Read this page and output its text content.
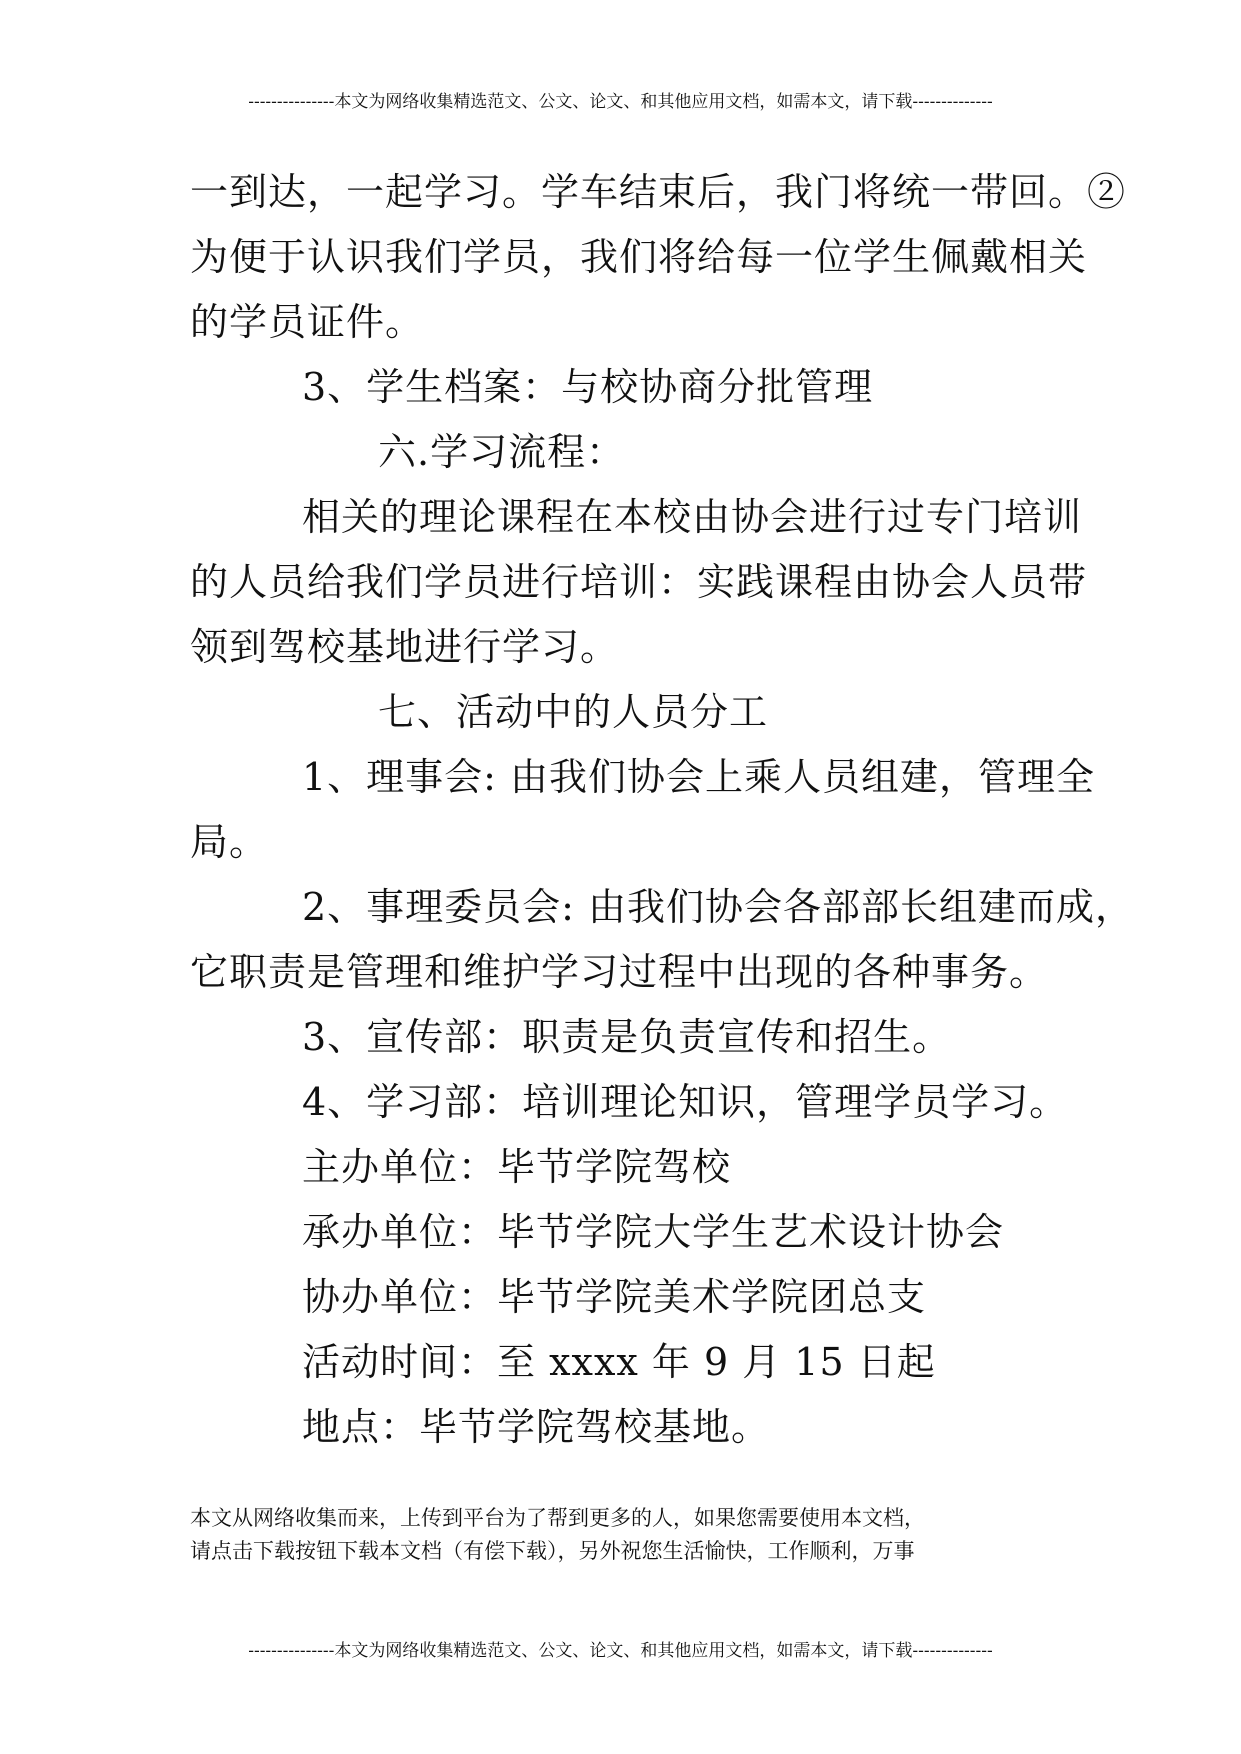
---------------本文为网络收集精选范文、公文、论文、和其他应用文档，如需本文，请下载--------------

一到达，一起学习。学车结束后，我门将统一带回。②

为便于认识我们学员，我们将给每一位学生佩戴相关

的学员证件。

3、学生档案：与校协商分批管理

六.学习流程：

相关的理论课程在本校由协会进行过专门培训

的人员给我们学员进行培训：实践课程由协会人员带

领到驾校基地进行学习。

七、活动中的人员分工

1、理事会: 由我们协会上乘人员组建，管理全

局。

2、事理委员会: 由我们协会各部部长组建而成，

它职责是管理和维护学习过程中出现的各种事务。

3、宣传部：职责是负责宣传和招生。

4、学习部：培训理论知识，管理学员学习。

主办单位：毕节学院驾校

承办单位：毕节学院大学生艺术设计协会

协办单位：毕节学院美术学院团总支

活动时间：至 xxxx 年 9 月 15 日起

地点：毕节学院驾校基地。

本文从网络收集而来，上传到平台为了帮到更多的人，如果您需要使用本文档，

请点击下载按钮下载本文档（有偿下载），另外祝您生活愉快，工作顺利，万事

---------------本文为网络收集精选范文、公文、论文、和其他应用文档，如需本文，请下载--------------
